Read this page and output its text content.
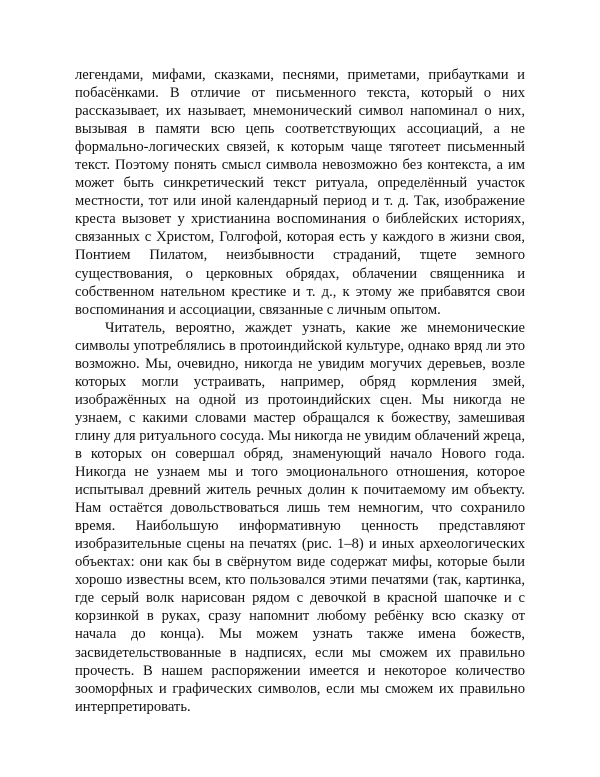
легендами, мифами, сказками, песнями, приметами, прибаутками и побасёнками. В отличие от письменного текста, который о них рассказывает, их называет, мнемонический символ напоминал о них, вызывая в памяти всю цепь соответствующих ассоциаций, а не формально-логических связей, к которым чаще тяготеет письменный текст. Поэтому понять смысл символа невозможно без контекста, а им может быть синкретический текст ритуала, определённый участок местности, тот или иной календарный период и т. д. Так, изображение креста вызовет у христианина воспоминания о библейских историях, связанных с Христом, Голгофой, которая есть у каждого в жизни своя, Понтием Пилатом, неизбывности страданий, тщете земного существования, о церковных обрядах, облачении священника и собственном нательном крестике и т. д., к этому же прибавятся свои воспоминания и ассоциации, связанные с личным опытом.

Читатель, вероятно, жаждет узнать, какие же мнемонические символы употреблялись в протоиндийской культуре, однако вряд ли это возможно. Мы, очевидно, никогда не увидим могучих деревьев, возле которых могли устраивать, например, обряд кормления змей, изображённых на одной из протоиндийских сцен. Мы никогда не узнаем, с какими словами мастер обращался к божеству, замешивая глину для ритуального сосуда. Мы никогда не увидим облачений жреца, в которых он совершал обряд, знаменующий начало Нового года. Никогда не узнаем мы и того эмоционального отношения, которое испытывал древний житель речных долин к почитаемому им объекту. Нам остаётся довольствоваться лишь тем немногим, что сохранило время. Наибольшую информативную ценность представляют изобразительные сцены на печатях (рис. 1–8) и иных археологических объектах: они как бы в свёрнутом виде содержат мифы, которые были хорошо известны всем, кто пользовался этими печатями (так, картинка, где серый волк нарисован рядом с девочкой в красной шапочке и с корзинкой в руках, сразу напомнит любому ребёнку всю сказку от начала до конца). Мы можем узнать также имена божеств, засвидетельствованные в надписях, если мы сможем их правильно прочесть. В нашем распоряжении имеется и некоторое количество зооморфных и графических символов, если мы сможем их правильно интерпретировать.
